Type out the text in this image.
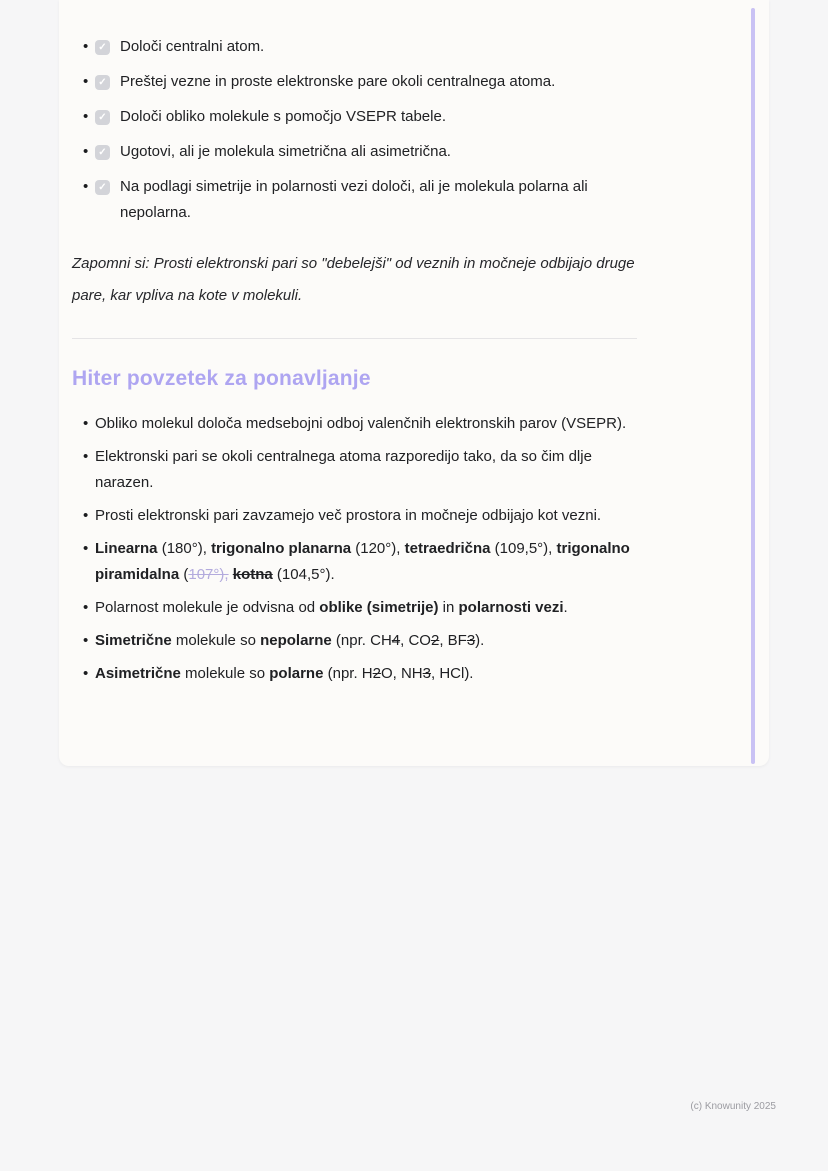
•	✓ Določi centralni atom.
•	✓ Preštej vezne in proste elektronske pare okoli centralnega atoma.
•	✓ Določi obliko molekule s pomočjo VSEPR tabele.
•	✓ Ugotovi, ali je molekula simetrična ali asimetrična.
•	✓ Na podlagi simetrije in polarnosti vezi določi, ali je molekula polarna ali nepolarna.

Zapomni si: Prosti elektronski pari so "debelejši" od veznih in močneje odbijajo druge pare, kar vpliva na kote v molekuli.

Hiter povzetek za ponavljanje
• Obliko molekul določa medsebojni odboj valenčnih elektronskih parov (VSEPR).
• Elektronski pari se okoli centralnega atoma razporedijo tako, da so čim dlje narazen.
• Prosti elektronski pari zavzamejo več prostora in močneje odbijajo kot vezni.
• Linearna (180°), trigonalno planarna (120°), tetraedrična (109,5°), trigonalno piramidalna (107°), kotna (104,5°).
• Polarnost molekule je odvisna od oblike (simetrije) in polarnosti vezi.
• Simetrične molekule so nepolarne (npr. CH4, CO2, BF3).
• Asimetrične molekule so polarne (npr. H2O, NH3, HCl).
(c) Knowunity 2025
